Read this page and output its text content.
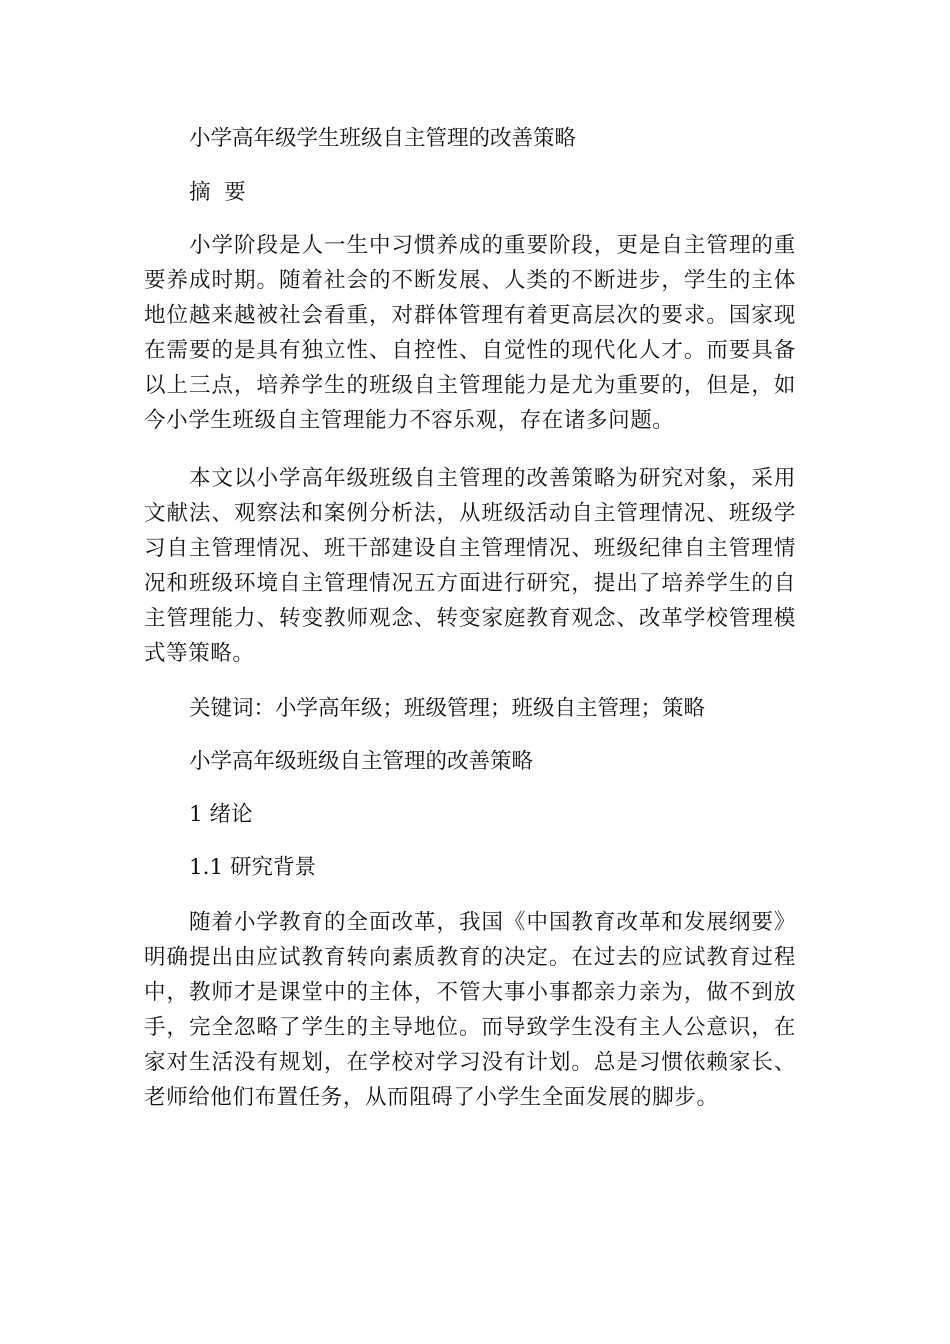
小学高年级学生班级自主管理的改善策略

摘  要

小学阶段是人一生中习惯养成的重要阶段，更是自主管理的重要养成时期。随着社会的不断发展、人类的不断进步，学生的主体地位越来越被社会看重，对群体管理有着更高层次的要求。国家现在需要的是具有独立性、自控性、自觉性的现代化人才。而要具备以上三点，培养学生的班级自主管理能力是尤为重要的，但是，如今小学生班级自主管理能力不容乐观，存在诸多问题。

本文以小学高年级班级自主管理的改善策略为研究对象，采用文献法、观察法和案例分析法，从班级活动自主管理情况、班级学习自主管理情况、班干部建设自主管理情况、班级纪律自主管理情况和班级环境自主管理情况五方面进行研究，提出了培养学生的自主管理能力、转变教师观念、转变家庭教育观念、改革学校管理模式等策略。

关键词：小学高年级；班级管理；班级自主管理；策略

小学高年级班级自主管理的改善策略

1 绪论

1.1 研究背景

随着小学教育的全面改革，我国《中国教育改革和发展纲要》明确提出由应试教育转向素质教育的决定。在过去的应试教育过程中，教师才是课堂中的主体，不管大事小事都亲力亲为，做不到放手，完全忽略了学生的主导地位。而导致学生没有主人公意识，在家对生活没有规划，在学校对学习没有计划。总是习惯依赖家长、老师给他们布置任务，从而阻碍了小学生全面发展的脚步。
